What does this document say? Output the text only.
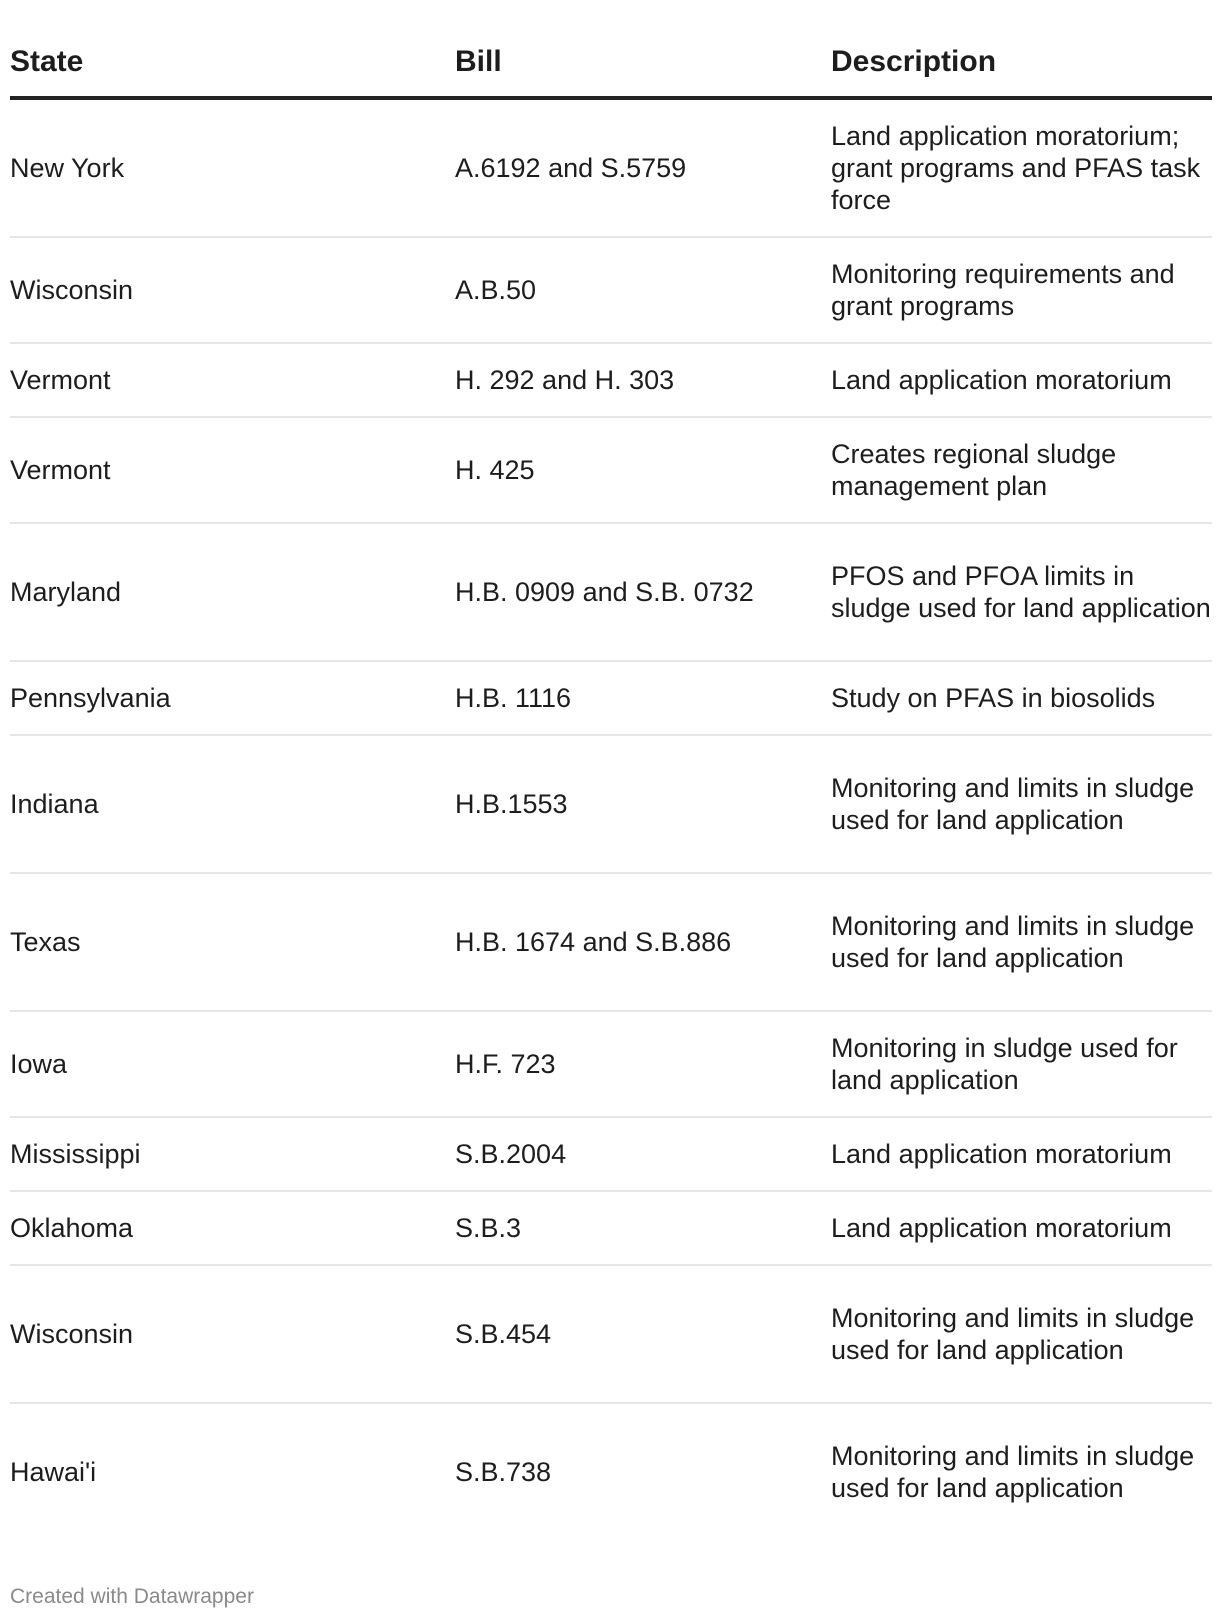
State	Bill	Description
New York	A.6192 and S.5759	Land application moratorium; grant programs and PFAS task force
Wisconsin	A.B.50	Monitoring requirements and grant programs
Vermont	H. 292 and H. 303	Land application moratorium
Vermont	H. 425	Creates regional sludge management plan
Maryland	H.B. 0909 and S.B. 0732	PFOS and PFOA limits in sludge used for land application
Pennsylvania	H.B. 1116	Study on PFAS in biosolids
Indiana	H.B.1553	Monitoring and limits in sludge used for land application
Texas	H.B. 1674 and S.B.886	Monitoring and limits in sludge used for land application
Iowa	H.F. 723	Monitoring in sludge used for land application
Mississippi	S.B.2004	Land application moratorium
Oklahoma	S.B.3	Land application moratorium
Wisconsin	S.B.454	Monitoring and limits in sludge used for land application
Hawai'i	S.B.738	Monitoring and limits in sludge used for land application
Created with Datawrapper
